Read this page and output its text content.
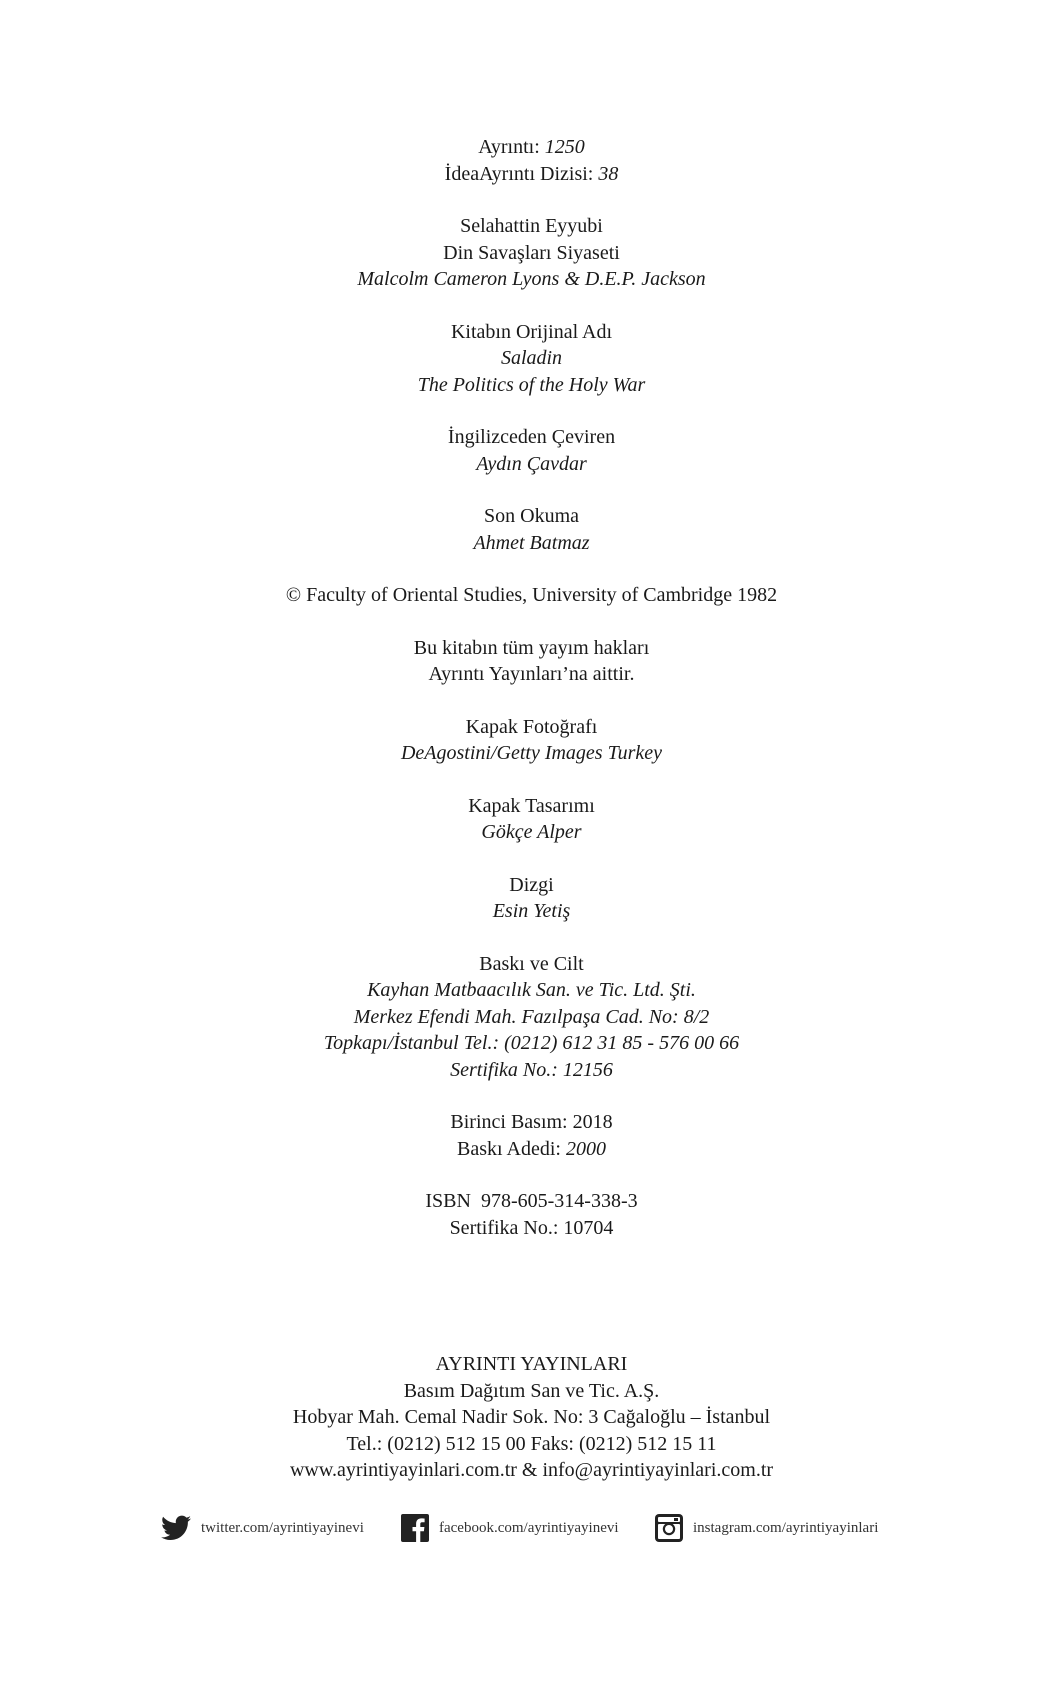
Ayrıntı: 1250
İdeaAyrıntı Dizisi: 38
Selahattin Eyyubi
Din Savaşları Siyaseti
Malcolm Cameron Lyons & D.E.P. Jackson
Kitabın Orijinal Adı
Saladin
The Politics of the Holy War
İngilizceden Çeviren
Aydın Çavdar
Son Okuma
Ahmet Batmaz
© Faculty of Oriental Studies, University of Cambridge 1982
Bu kitabın tüm yayım hakları
Ayrıntı Yayınları’na aittir.
Kapak Fotoğrafı
DeAgostini/Getty Images Turkey
Kapak Tasarımı
Gökçe Alper
Dizgi
Esin Yetiş
Baskı ve Cilt
Kayhan Matbaacılık San. ve Tic. Ltd. Şti.
Merkez Efendi Mah. Fazılpaşa Cad. No: 8/2
Topkapı/İstanbul Tel.: (0212) 612 31 85 - 576 00 66
Sertifika No.: 12156
Birinci Basım: 2018
Baskı Adedi: 2000
ISBN  978-605-314-338-3
Sertifika No.: 10704
AYRINTI YAYINLARI
Basım Dağıtım San ve Tic. A.Ş.
Hobyar Mah. Cemal Nadir Sok. No: 3 Cağaloğlu – İstanbul
Tel.: (0212) 512 15 00 Faks: (0212) 512 15 11
www.ayrintiyayinlari.com.tr & info@ayrintiyayinlari.com.tr
twitter.com/ayrintiyayinevi	facebook.com/ayrintiyayinevi	instagram.com/ayrintiyayinlari
